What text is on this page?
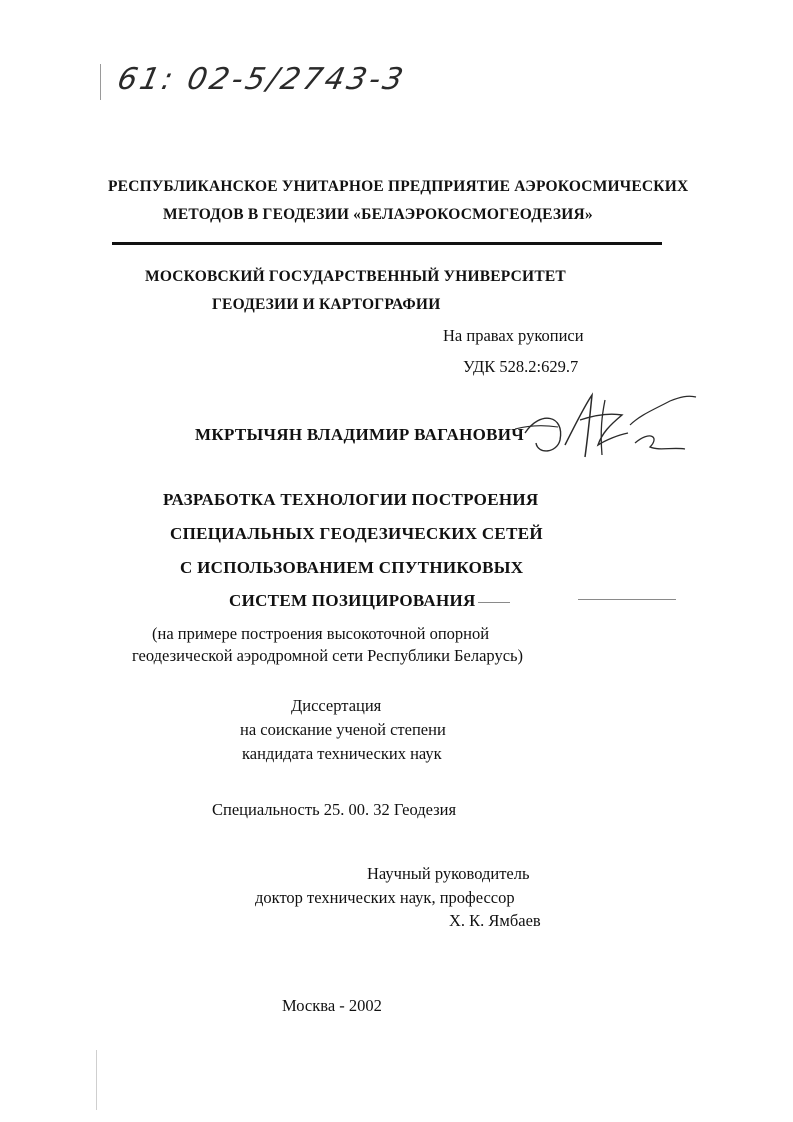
61: 02-5/2743-3
РЕСПУБЛИКАНСКОЕ УНИТАРНОЕ ПРЕДПРИЯТИЕ АЭРОКОСМИЧЕСКИХ
МЕТОДОВ В ГЕОДЕЗИИ «БЕЛАЭРОКОСМОГЕОДЕЗИЯ»
МОСКОВСКИЙ ГОСУДАРСТВЕННЫЙ УНИВЕРСИТЕТ
ГЕОДЕЗИИ И КАРТОГРАФИИ
На правах рукописи
УДК 528.2:629.7
МКРТЫЧЯН ВЛАДИМИР ВАГАНОВИЧ
РАЗРАБОТКА ТЕХНОЛОГИИ ПОСТРОЕНИЯ
СПЕЦИАЛЬНЫХ ГЕОДЕЗИЧЕСКИХ СЕТЕЙ
С ИСПОЛЬЗОВАНИЕМ СПУТНИКОВЫХ
СИСТЕМ ПОЗИЦИРОВАНИЯ
(на примере построения высокоточной опорной
геодезической аэродромной сети Республики Беларусь)
Диссертация
на соискание ученой степени
кандидата технических наук
Специальность 25. 00. 32 Геодезия
Научный руководитель
доктор технических наук, профессор
Х. К. Ямбаев
Москва - 2002
